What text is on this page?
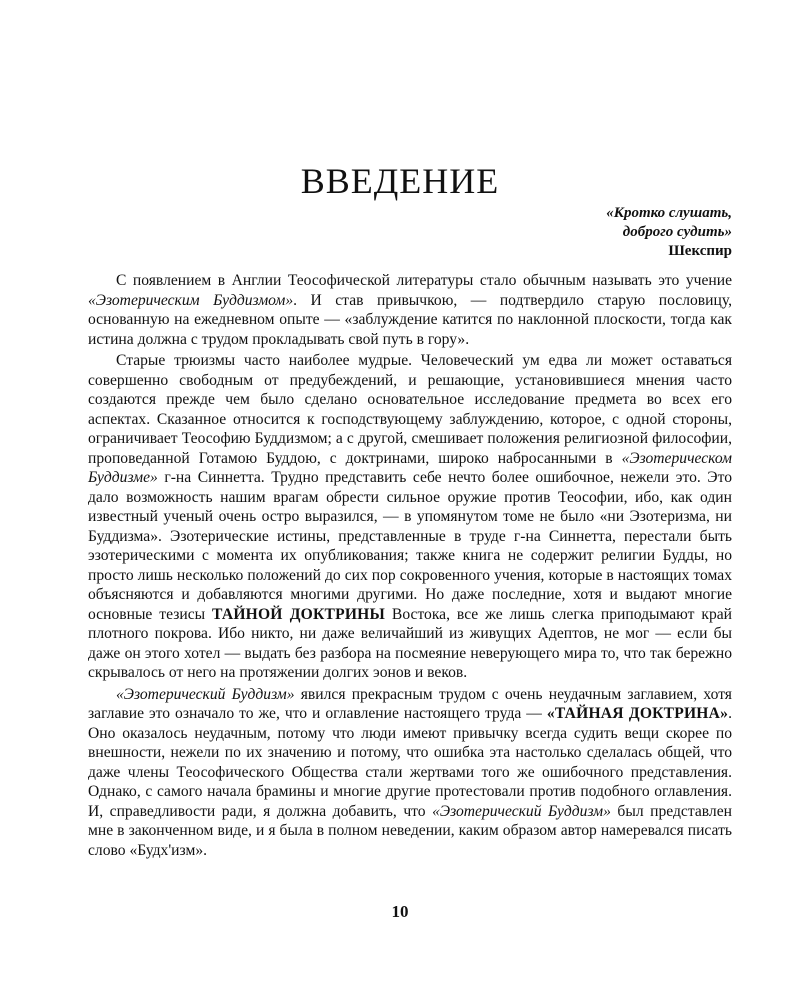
ВВЕДЕНИЕ
«Кротко слушать,
доброго судить»
Шекспир

С появлением в Англии Теософической литературы стало обычным называть это учение «Эзотерическим Буддизмом». И став привычкою, — подтвердило старую пословицу, основанную на ежедневном опыте — «заблуждение катится по наклонной плоскости, тогда как истина должна с трудом прокладывать свой путь в гору».

Старые трюизмы часто наиболее мудрые. Человеческий ум едва ли может оставаться совершенно свободным от предубеждений, и решающие, установившиеся мнения часто создаются прежде чем было сделано основательное исследование предмета во всех его аспектах. Сказанное относится к господствующему заблуждению, которое, с одной стороны, ограничивает Теософию Буддизмом; а с другой, смешивает положения религиозной философии, проповеданной Готамою Буддою, с доктринами, широко набросанными в «Эзотерическом Буддизме» г-на Синнетта. Трудно представить себе нечто более ошибочное, нежели это. Это дало возможность нашим врагам обрести сильное оружие против Теософии, ибо, как один известный ученый очень остро выразился, — в упомянутом томе не было «ни Эзотеризма, ни Буддизма». Эзотерические истины, представленные в труде г-на Синнетта, перестали быть эзотерическими с момента их опубликования; также книга не содержит религии Будды, но просто лишь несколько положений до сих пор сокровенного учения, которые в настоящих томах объясняются и добавляются многими другими. Но даже последние, хотя и выдают многие основные тезисы ТАЙНОЙ ДОКТРИНЫ Востока, все же лишь слегка приподымают край плотного покрова. Ибо никто, ни даже величайший из живущих Адептов, не мог — если бы даже он этого хотел — выдать без разбора на посмеяние неверующего мира то, что так бережно скрывалось от него на протяжении долгих эонов и веков.

«Эзотерический Буддизм» явился прекрасным трудом с очень неудачным заглавием, хотя заглавие это означало то же, что и оглавление настоящего труда — «ТАЙНАЯ ДОКТРИНА». Оно оказалось неудачным, потому что люди имеют привычку всегда судить вещи скорее по внешности, нежели по их значению и потому, что ошибка эта настолько сделалась общей, что даже члены Теософического Общества стали жертвами того же ошибочного представления. Однако, с самого начала брамины и многие другие протестовали против подобного оглавления. И, справедливости ради, я должна добавить, что «Эзотерический Буддизм» был представлен мне в законченном виде, и я была в полном неведении, каким образом автор намеревался писать слово «Будх'изм».

10
